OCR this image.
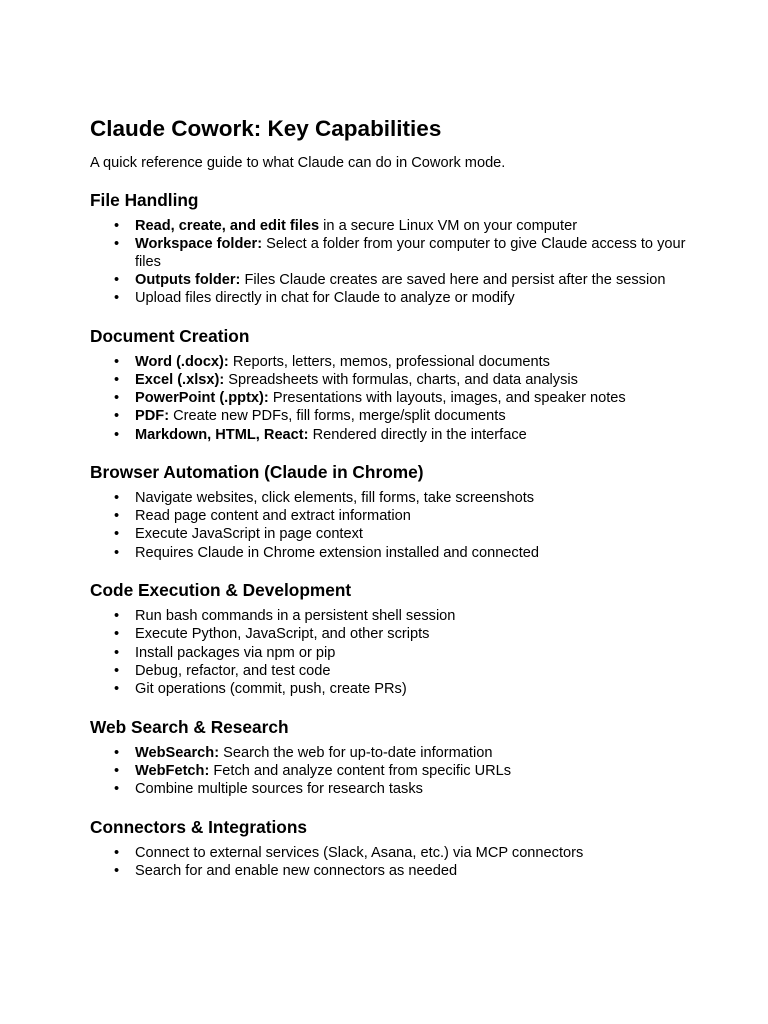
Claude Cowork: Key Capabilities

A quick reference guide to what Claude can do in Cowork mode.

File Handling
• Read, create, and edit files in a secure Linux VM on your computer
• Workspace folder: Select a folder from your computer to give Claude access to your files
• Outputs folder: Files Claude creates are saved here and persist after the session
• Upload files directly in chat for Claude to analyze or modify
Document Creation
• Word (.docx): Reports, letters, memos, professional documents
• Excel (.xlsx): Spreadsheets with formulas, charts, and data analysis
• PowerPoint (.pptx): Presentations with layouts, images, and speaker notes
• PDF: Create new PDFs, fill forms, merge/split documents
• Markdown, HTML, React: Rendered directly in the interface
Browser Automation (Claude in Chrome)
• Navigate websites, click elements, fill forms, take screenshots
• Read page content and extract information
• Execute JavaScript in page context
• Requires Claude in Chrome extension installed and connected
Code Execution & Development
• Run bash commands in a persistent shell session
• Execute Python, JavaScript, and other scripts
• Install packages via npm or pip
• Debug, refactor, and test code
• Git operations (commit, push, create PRs)
Web Search & Research
• WebSearch: Search the web for up-to-date information
• WebFetch: Fetch and analyze content from specific URLs
• Combine multiple sources for research tasks
Connectors & Integrations
• Connect to external services (Slack, Asana, etc.) via MCP connectors
• Search for and enable new connectors as needed
